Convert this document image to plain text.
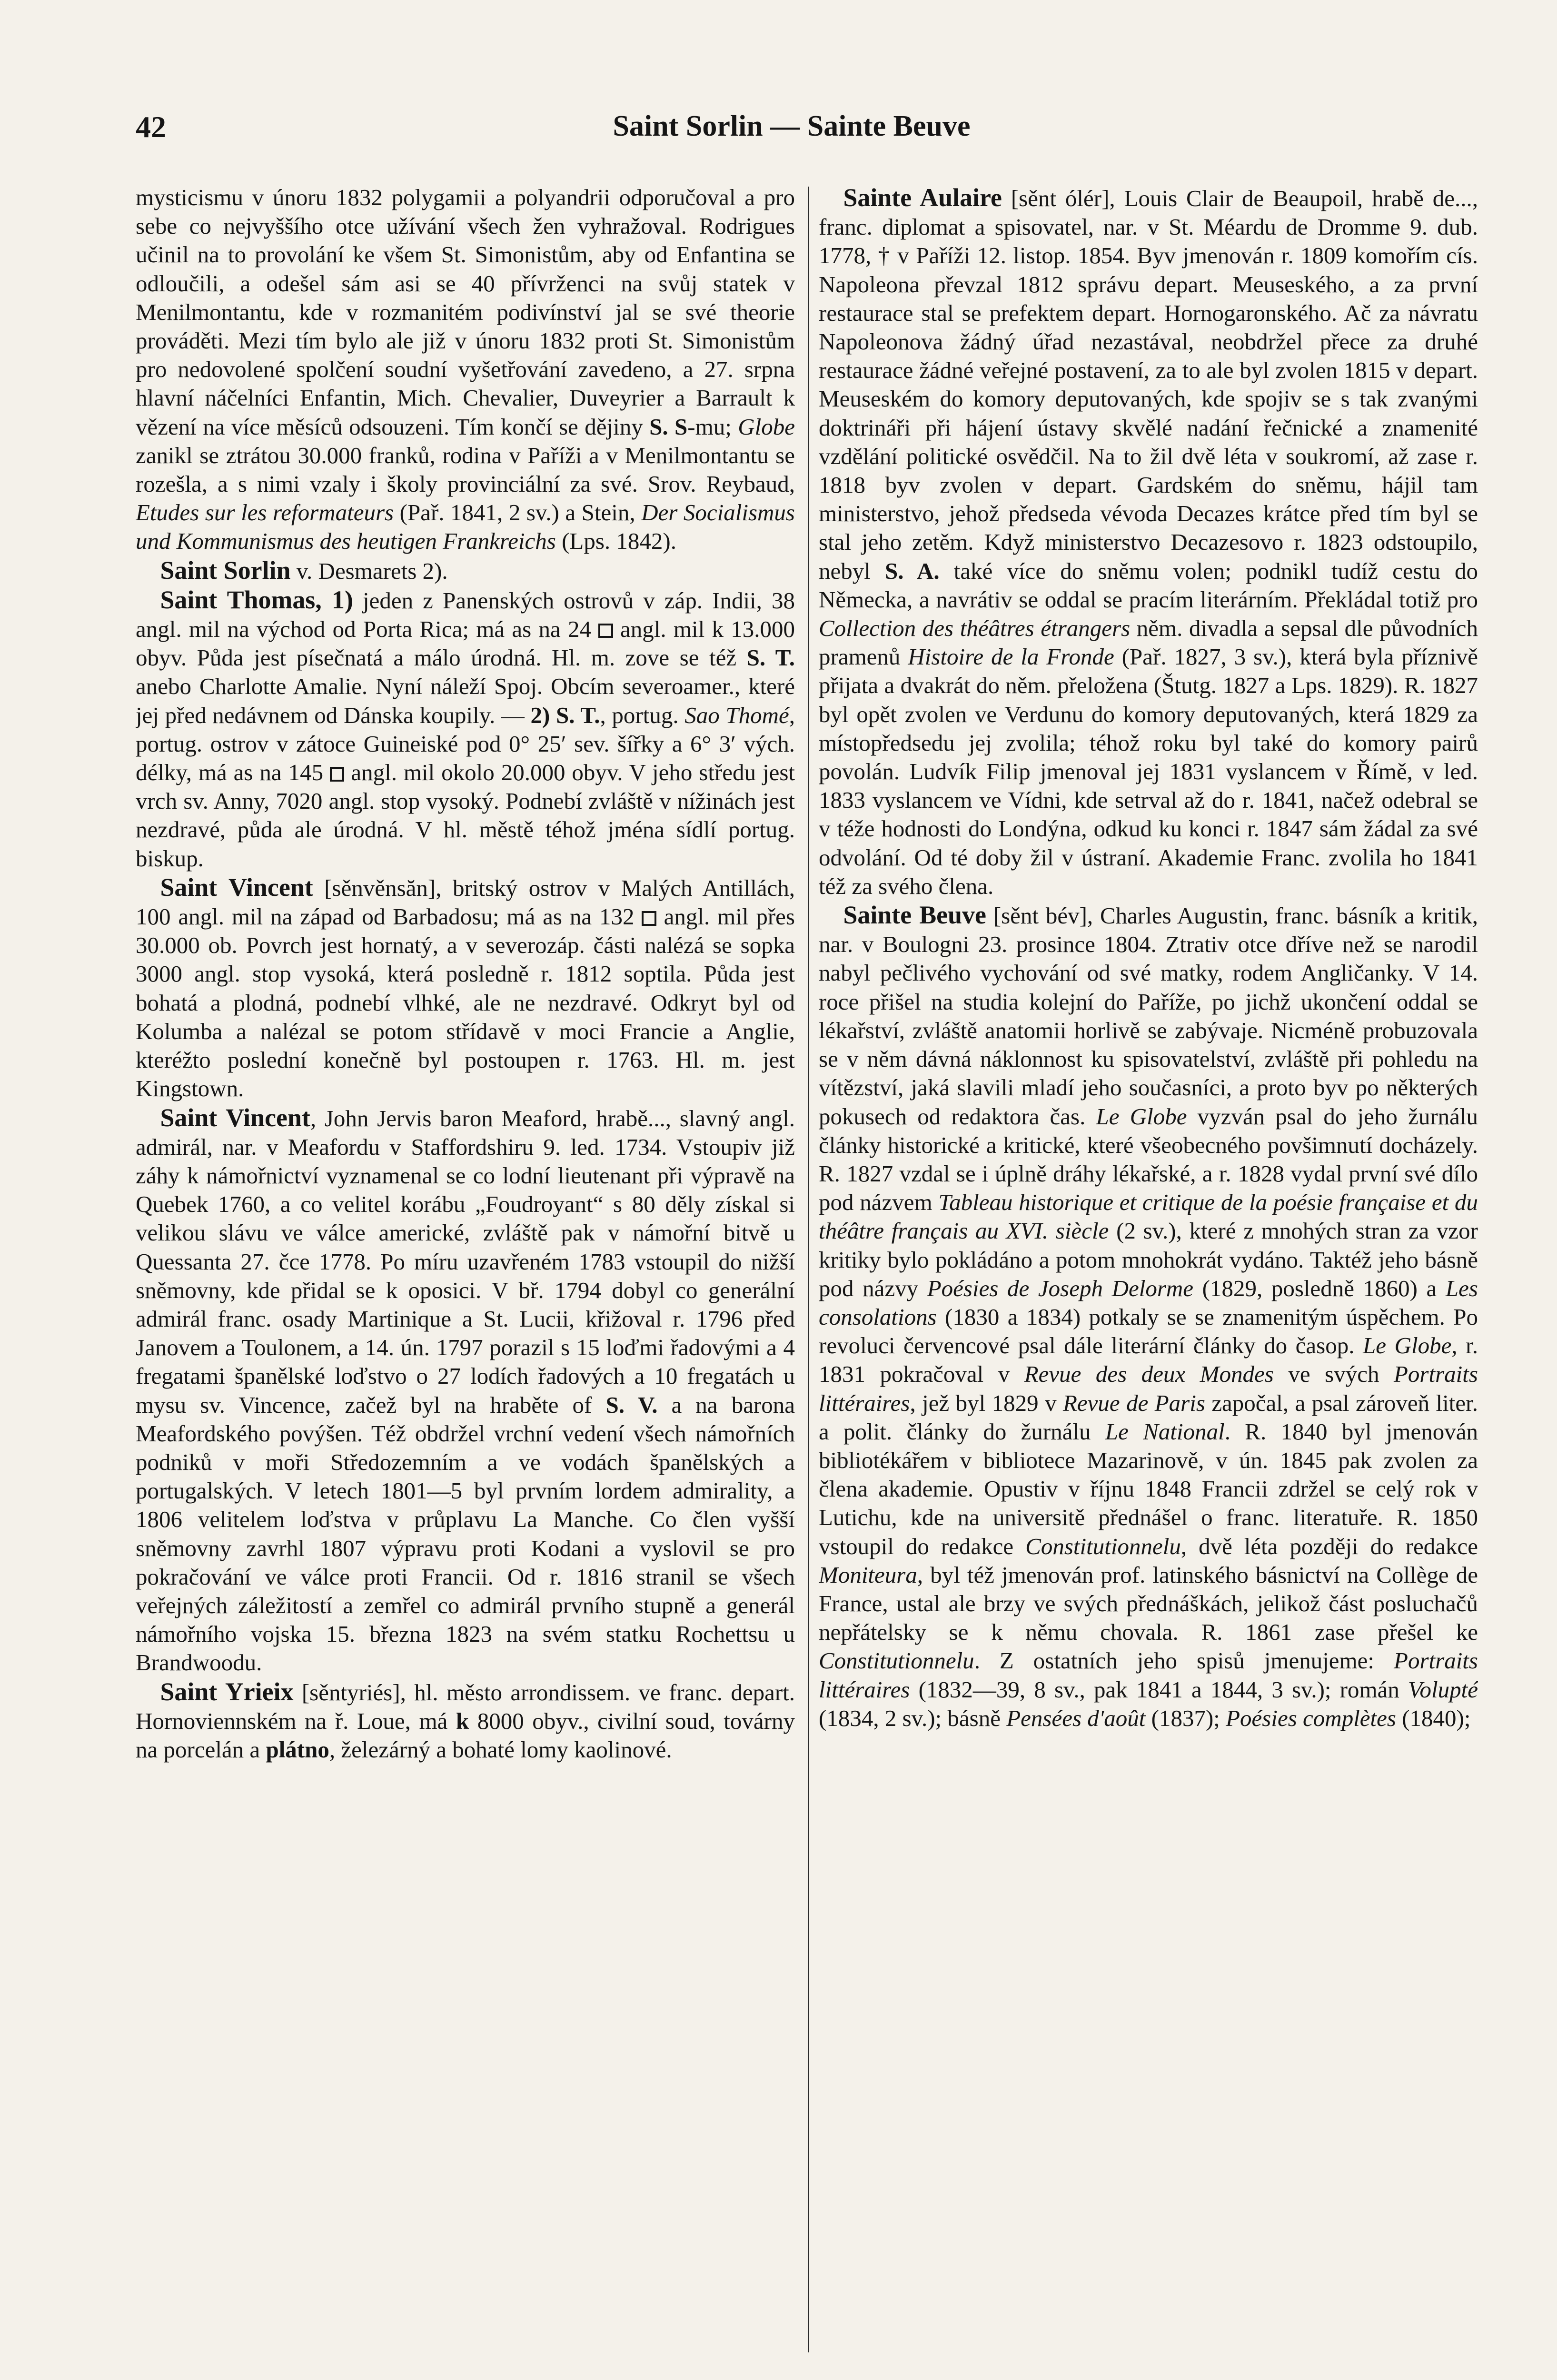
42	Saint Sorlin — Sainte Beuve

mysticismu v únoru 1832 polygamii a polyandrii odporučoval a pro sebe co nejvyššího otce užívání všech žen vyhražoval. Rodrigues učinil na to provolání ke všem St. Simonistům, aby od Enfantina se odloučili, a odešel sám asi se 40 přívrženci na svůj statek v Menilmontantu, kde v rozmanitém podivínství jal se své theorie prováděti. Mezi tím bylo ale již v únoru 1832 proti St. Simonistům pro nedovolené spolčení soudní vyšetřování zavedeno, a 27. srpna hlavní náčelníci Enfantin, Mich. Chevalier, Duveyrier a Barrault k vězení na více měsíců odsouzeni. Tím končí se dějiny S. S-mu; Globe zanikl se ztrátou 30.000 franků, rodina v Paříži a v Menilmontantu se rozešla, a s nimi vzaly i školy provinciální za své. Srov. Reybaud, Etudes sur les reformateurs (Pař. 1841, 2 sv.) a Stein, Der Socialismus und Kommunismus des heutigen Frankreichs (Lps. 1842).

Saint Sorlin v. Desmarets 2).

Saint Thomas, 1) jeden z Panenských ostrovů v záp. Indii, 38 angl. mil na východ od Porta Rica; má as na 24  angl. mil k 13.000 obyv. Půda jest písečnatá a málo úrodná. Hl. m. zove se též S. T. anebo Charlotte Amalie. Nyní náleží Spoj. Obcím severoamer., které jej před nedávnem od Dánska koupily. — 2) S. T., portug. Sao Thomé, portug. ostrov v zátoce Guineiské pod 0° 25′ sev. šířky a 6° 3′ vých. délky, má as na 145  angl. mil okolo 20.000 obyv. V jeho středu jest vrch sv. Anny, 7020 angl. stop vysoký. Podnebí zvláště v nížinách jest nezdravé, půda ale úrodná. V hl. městě téhož jména sídlí portug. biskup.

Saint Vincent [sěnvěnsăn], britský ostrov v Malých Antillách, 100 angl. mil na západ od Barbadosu; má as na 132  angl. mil přes 30.000 ob. Povrch jest hornatý, a v severozáp. části nalézá se sopka 3000 angl. stop vysoká, která posledně r. 1812 soptila. Půda jest bohatá a plodná, podnebí vlhké, ale ne nezdravé. Odkryt byl od Kolumba a nalézal se potom střídavě v moci Francie a Anglie, kteréžto poslední konečně byl postoupen r. 1763. Hl. m. jest Kingstown.

Saint Vincent, John Jervis baron Meaford, hrabě..., slavný angl. admirál, nar. v Meafordu v Staffordshiru 9. led. 1734. Vstoupiv již záhy k námořnictví vyznamenal se co lodní lieutenant při výpravě na Quebek 1760, a co velitel korábu „Foudroyant“ s 80 děly získal si velikou slávu ve válce americké, zvláště pak v námořní bitvě u Quessanta 27. čce 1778. Po míru uzavřeném 1783 vstoupil do nižší sněmovny, kde přidal se k oposici. V bř. 1794 dobyl co generální admirál franc. osady Martinique a St. Lucii, křižoval r. 1796 před Janovem a Toulonem, a 14. ún. 1797 porazil s 15 loďmi řadovými a 4 fregatami španělské loďstvo o 27 lodích řadových a 10 fregatách u mysu sv. Vincence, začež byl na hraběte of S. V. a na barona Meafordského povýšen. Též obdržel vrchní vedení všech námořních podniků v moři Středozemním a ve vodách španělských a portugalských. V letech 1801—5 byl prvním lordem admirality, a 1806 velitelem loďstva v průplavu La Manche. Co člen vyšší sněmovny zavrhl 1807 výpravu proti Kodani a vyslovil se pro pokračování ve válce proti Francii. Od r. 1816 stranil se všech veřejných záležitostí a zemřel co admirál prvního stupně a generál námořního vojska 15. března 1823 na svém statku Rochettsu u Brandwoodu.

Saint Yrieix [sěntyriés], hl. město arrondissem. ve franc. depart. Hornoviennském na ř. Loue, má k 8000 obyv., civilní soud, továrny na porcelán a plátno, železárný a bohaté lomy kaolinové.

Sainte Aulaire [sěnt ólér], Louis Clair de Beaupoil, hrabě de..., franc. diplomat a spisovatel, nar. v St. Méardu de Dromme 9. dub. 1778, † v Paříži 12. listop. 1854. Byv jmenován r. 1809 komořím cís. Napoleona převzal 1812 správu depart. Meuseského, a za první restaurace stal se prefektem depart. Hornogaronského. Ač za návratu Napoleonova žádný úřad nezastával, neobdržel přece za druhé restaurace žádné veřejné postavení, za to ale byl zvolen 1815 v depart. Meuseském do komory deputovaných, kde spojiv se s tak zvanými doktrináři při hájení ústavy skvělé nadání řečnické a znamenité vzdělání politické osvědčil. Na to žil dvě léta v soukromí, až zase r. 1818 byv zvolen v depart. Gardském do sněmu, hájil tam ministerstvo, jehož předseda vévoda Decazes krátce před tím byl se stal jeho zetěm. Když ministerstvo Decazesovo r. 1823 odstoupilo, nebyl S. A. také více do sněmu volen; podnikl tudíž cestu do Německa, a navrátiv se oddal se pracím literárním. Překládal totiž pro Collection des théâtres étrangers něm. divadla a sepsal dle původních pramenů Histoire de la Fronde (Pař. 1827, 3 sv.), která byla příznivě přijata a dvakrát do něm. přeložena (Štutg. 1827 a Lps. 1829). R. 1827 byl opět zvolen ve Verdunu do komory deputovaných, která 1829 za místopředsedu jej zvolila; téhož roku byl také do komory pairů povolán. Ludvík Filip jmenoval jej 1831 vyslancem v Římě, v led. 1833 vyslancem ve Vídni, kde setrval až do r. 1841, načež odebral se v téže hodnosti do Londýna, odkud ku konci r. 1847 sám žádal za své odvolání. Od té doby žil v ústraní. Akademie Franc. zvolila ho 1841 též za svého člena.

Sainte Beuve [sěnt bév], Charles Augustin, franc. básník a kritik, nar. v Boulogni 23. prosince 1804. Ztrativ otce dříve než se narodil nabyl pečlivého vychování od své matky, rodem Angličanky. V 14. roce přišel na studia kolejní do Paříže, po jichž ukončení oddal se lékařství, zvláště anatomii horlivě se zabývaje. Nicméně probuzovala se v něm dávná náklonnost ku spisovatelství, zvláště při pohledu na vítězství, jaká slavili mladí jeho současníci, a proto byv po některých pokusech od redaktora čas. Le Globe vyzván psal do jeho žurnálu články historické a kritické, které všeobecného povšimnutí docházely. R. 1827 vzdal se i úplně dráhy lékařské, a r. 1828 vydal první své dílo pod názvem Tableau historique et critique de la poésie française et du théâtre français au XVI. siècle (2 sv.), které z mnohých stran za vzor kritiky bylo pokládáno a potom mnohokrát vydáno. Taktéž jeho básně pod názvy Poésies de Joseph Delorme (1829, posledně 1860) a Les consolations (1830 a 1834) potkaly se se znamenitým úspěchem. Po revoluci červencové psal dále literární články do časop. Le Globe, r. 1831 pokračoval v Revue des deux Mondes ve svých Portraits littéraires, jež byl 1829 v Revue de Paris započal, a psal zároveň liter. a polit. články do žurnálu Le National. R. 1840 byl jmenován bibliotékářem v bibliotece Mazarinově, v ún. 1845 pak zvolen za člena akademie. Opustiv v říjnu 1848 Francii zdržel se celý rok v Lutichu, kde na universitě přednášel o franc. literatuře. R. 1850 vstoupil do redakce Constitutionnelu, dvě léta později do redakce Moniteura, byl též jmenován prof. latinského básnictví na Collège de France, ustal ale brzy ve svých přednáškách, jelikož část posluchačů nepřátelsky se k němu chovala. R. 1861 zase přešel ke Constitutionnelu. Z ostatních jeho spisů jmenujeme: Portraits littéraires (1832—39, 8 sv., pak 1841 a 1844, 3 sv.); román Volupté (1834, 2 sv.); básně Pensées d'août (1837); Poésies complètes (1840);
